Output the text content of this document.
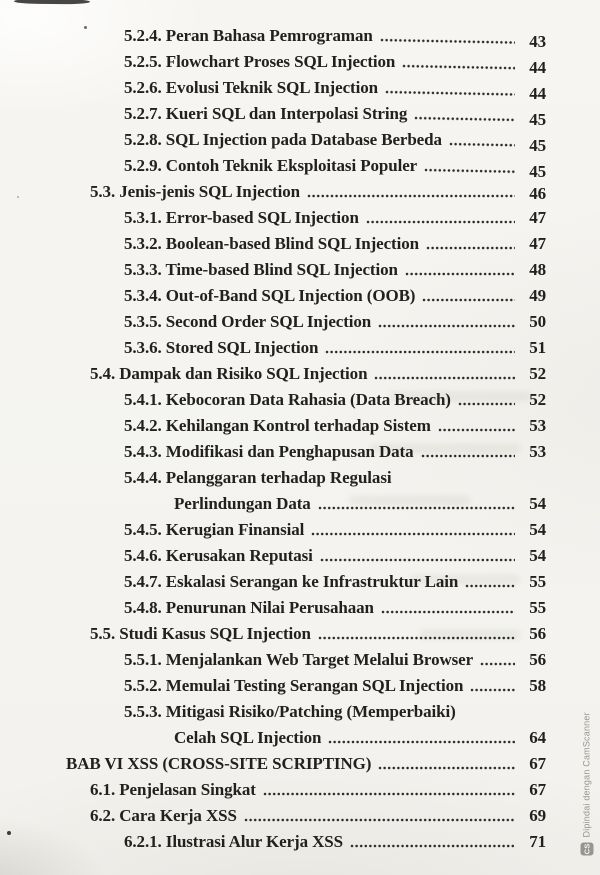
5.2.4. Peran Bahasa Pemrograman	43
5.2.5. Flowchart Proses SQL Injection	44
5.2.6. Evolusi Teknik SQL Injection	44
5.2.7. Kueri SQL dan Interpolasi String	45
5.2.8. SQL Injection pada Database Berbeda	45
5.2.9. Contoh Teknik Eksploitasi Populer	45
5.3. Jenis-jenis SQL Injection	46
5.3.1. Error-based SQL Injection	47
5.3.2. Boolean-based Blind SQL Injection	47
5.3.3. Time-based Blind SQL Injection	48
5.3.4. Out-of-Band SQL Injection (OOB)	49
5.3.5. Second Order SQL Injection	50
5.3.6. Stored SQL Injection	51
5.4. Dampak dan Risiko SQL Injection	52
5.4.1. Kebocoran Data Rahasia (Data Breach)	52
5.4.2. Kehilangan Kontrol terhadap Sistem	53
5.4.3. Modifikasi dan Penghapusan Data	53
5.4.4. Pelanggaran terhadap Regulasi
Perlindungan Data	54
5.4.5. Kerugian Finansial	54
5.4.6. Kerusakan Reputasi	54
5.4.7. Eskalasi Serangan ke Infrastruktur Lain	55
5.4.8. Penurunan Nilai Perusahaan	55
5.5. Studi Kasus SQL Injection	56
5.5.1. Menjalankan Web Target Melalui Browser	56
5.5.2. Memulai Testing Serangan SQL Injection	58
5.5.3. Mitigasi Risiko/Patching (Memperbaiki)
Celah SQL Injection	64
BAB VI XSS (CROSS-SITE SCRIPTING)	67
6.1. Penjelasan Singkat	67
6.2. Cara Kerja XSS	69
6.2.1. Ilustrasi Alur Kerja XSS	71	CS
Dipindai dengan CamScanner
